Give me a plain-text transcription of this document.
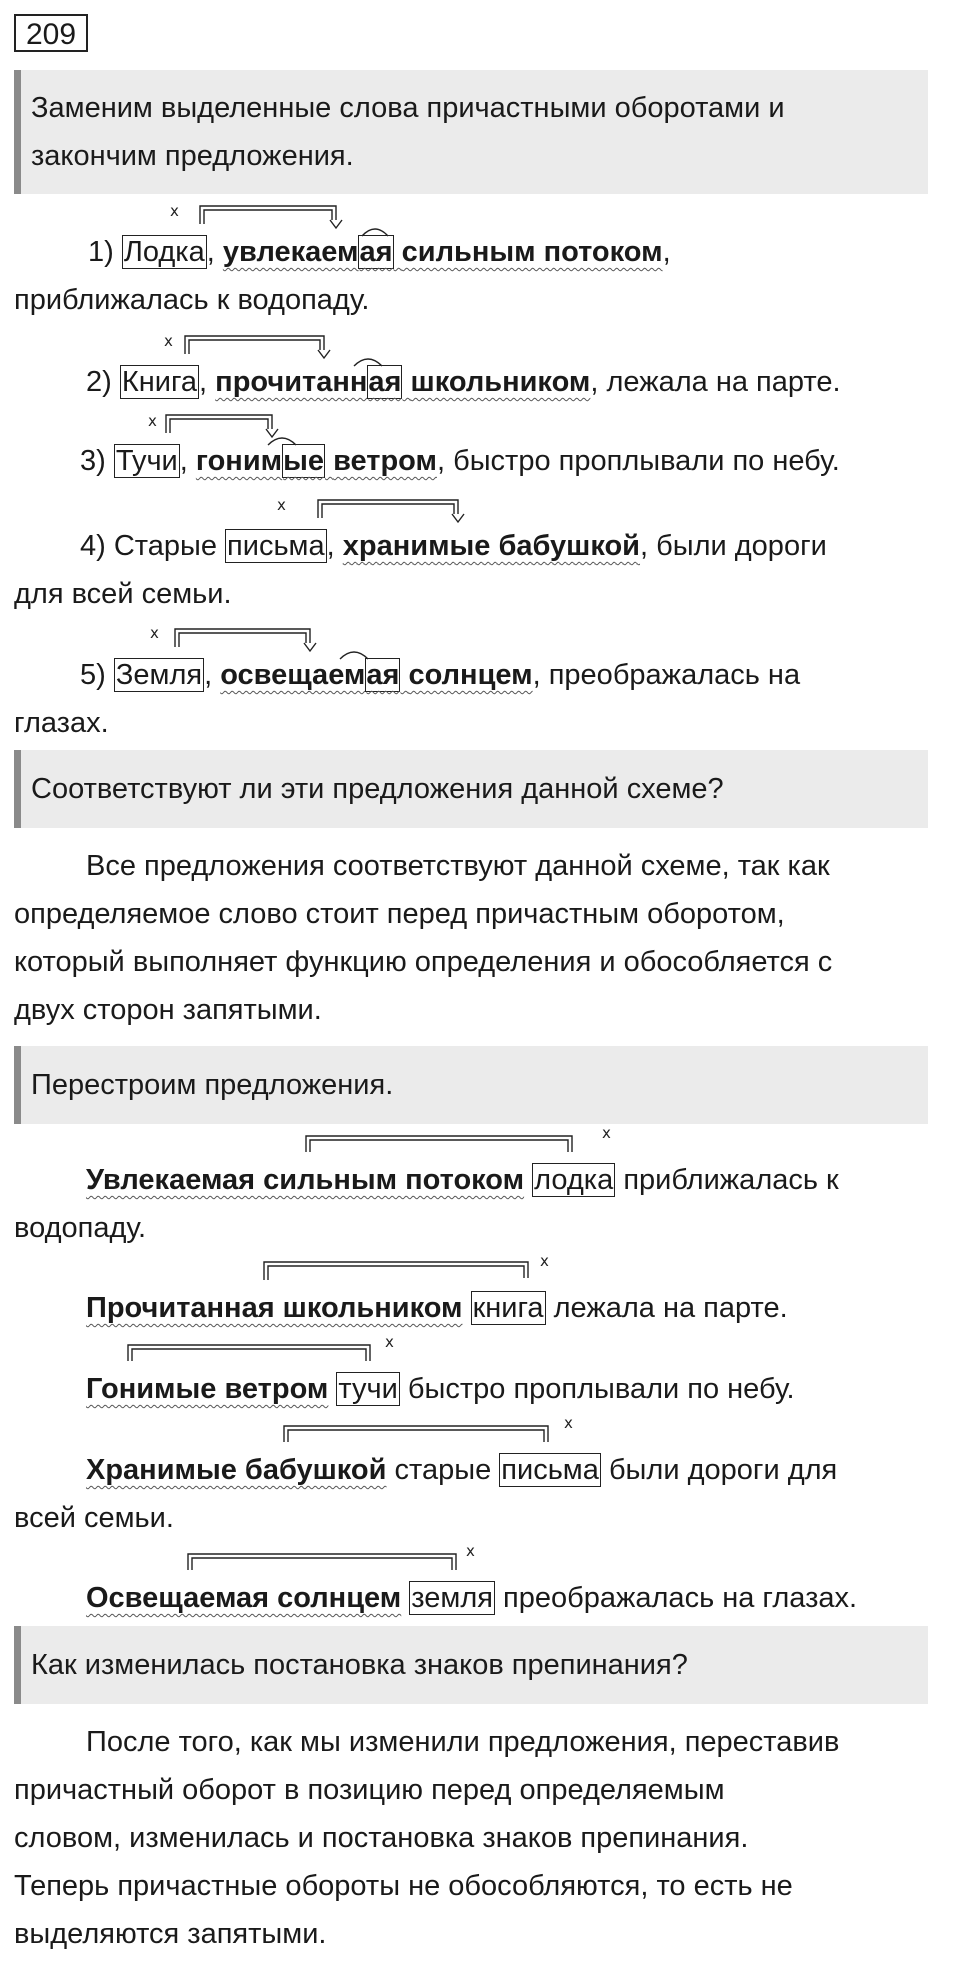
209
Заменим выделенные слова причастными оборотами и
закончим предложения.
1) Лодка, увлекаемая сильным потоком,
приближалась к водопаду.
2) Книга, прочитанная школьником, лежала на парте.
3) Тучи, гонимые ветром, быстро проплывали по небу.
4) Старые письма, хранимые бабушкой, были дороги
для всей семьи.
5) Земля, освещаемая солнцем, преображалась на
глазах.
Соответствуют ли эти предложения данной схеме?
Все предложения соответствуют данной схеме, так как
определяемое слово стоит перед причастным оборотом,
который выполняет функцию определения и обособляется с
двух сторон запятыми.
Перестроим предложения.
Увлекаемая сильным потоком лодка приближалась к
водопаду.
Прочитанная школьником книга лежала на парте.
Гонимые ветром тучи быстро проплывали по небу.
Хранимые бабушкой старые письма были дороги для
всей семьи.
Освещаемая солнцем земля преображалась на глазах.
Как изменилась постановка знаков препинания?
После того, как мы изменили предложения, переставив
причастный оборот в позицию перед определяемым
словом, изменилась и постановка знаков препинания.
Теперь причастные обороты не обособляются, то есть не
выделяются запятыми.
x
x
x
x
x
x
x
x
x
x
